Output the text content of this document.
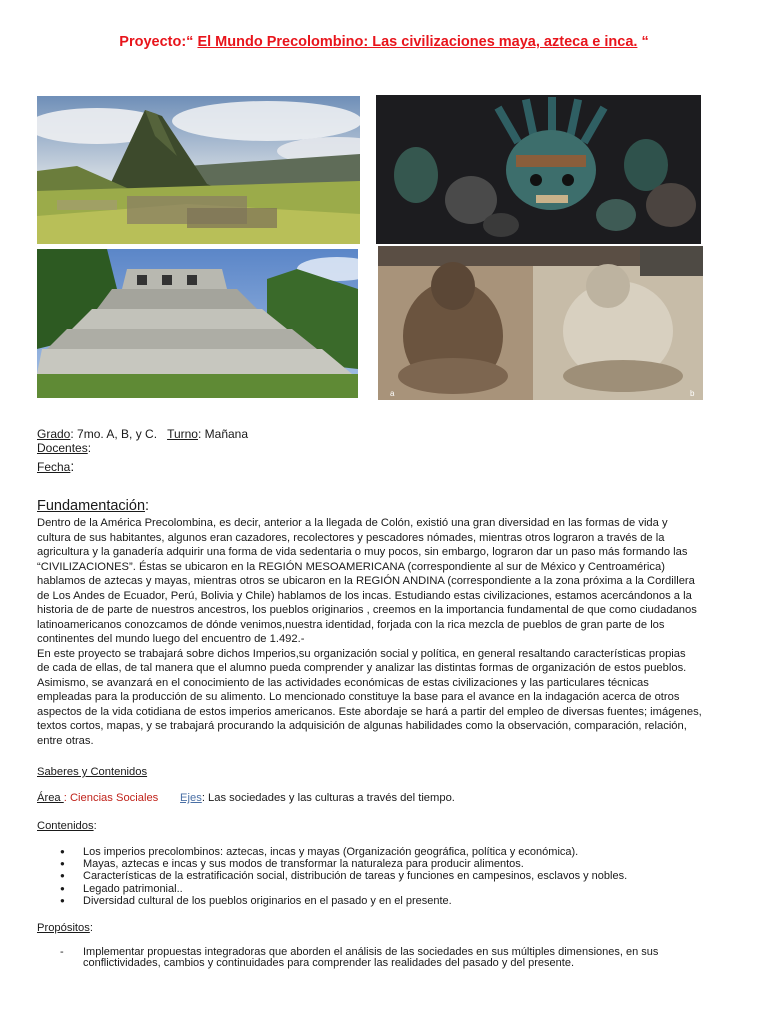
Proyecto:“ El Mundo Precolombino: Las civilizaciones maya, azteca e inca. “
a	b
Grado: 7mo. A, B, y C. Turno: Mañana
Docentes:
Fecha:
Fundamentación:
Dentro de la América Precolombina, es decir, anterior a la llegada de Colón, existió una gran diversidad en las formas de vida y
cultura de sus habitantes, algunos eran cazadores, recolectores y pescadores nómades, mientras otros lograron a través de la
agricultura y la ganadería adquirir una forma de vida sedentaria o muy pocos, sin embargo, lograron dar un paso más formando las
“CIVILIZACIONES”. Éstas se ubicaron en la REGIÓN MESOAMERICANA (correspondiente al sur de México y Centroamérica)
hablamos de aztecas y mayas, mientras otros se ubicaron en la REGIÓN ANDINA (correspondiente a la zona próxima a la Cordillera
de Los Andes de Ecuador, Perú, Bolivia y Chile) hablamos de los incas. Estudiando estas civilizaciones, estamos acercándonos a la
historia de de parte de nuestros ancestros, los pueblos originarios , creemos en la importancia fundamental de que como ciudadanos
latinoamericanos conozcamos de dónde venimos,nuestra identidad, forjada con la rica mezcla de pueblos de gran parte de los
continentes del mundo luego del encuentro de 1.492.-
En este proyecto se trabajará sobre dichos Imperios,su organización social y política, en general resaltando características propias
de cada de ellas, de tal manera que el alumno pueda comprender y analizar las distintas formas de organización de estos pueblos.
Asimismo, se avanzará en el conocimiento de las actividades económicas de estas civilizaciones y las particulares técnicas
empleadas para la producción de su alimento. Lo mencionado constituye la base para el avance en la indagación acerca de otros
aspectos de la vida cotidiana de estos imperios americanos. Este abordaje se hará a partir del empleo de diversas fuentes; imágenes,
textos cortos, mapas, y se trabajará procurando la adquisición de algunas habilidades como la observación, comparación, relación,
entre otras.
Saberes y Contenidos
Área : Ciencias Sociales Ejes: Las sociedades y las culturas a través del tiempo.
Contenidos:
● Los imperios precolombinos: aztecas, incas y mayas (Organización geográfica, política y económica).
● Mayas, aztecas e incas y sus modos de transformar la naturaleza para producir alimentos.
● Características de la estratificación social, distribución de tareas y funciones en campesinos, esclavos y nobles.
● Legado patrimonial..
● Diversidad cultural de los pueblos originarios en el pasado y en el presente.
Propósitos:
- Implementar propuestas integradoras que aborden el análisis de las sociedades en sus múltiples dimensiones, en sus
conflictividades, cambios y continuidades para comprender las realidades del pasado y del presente.
